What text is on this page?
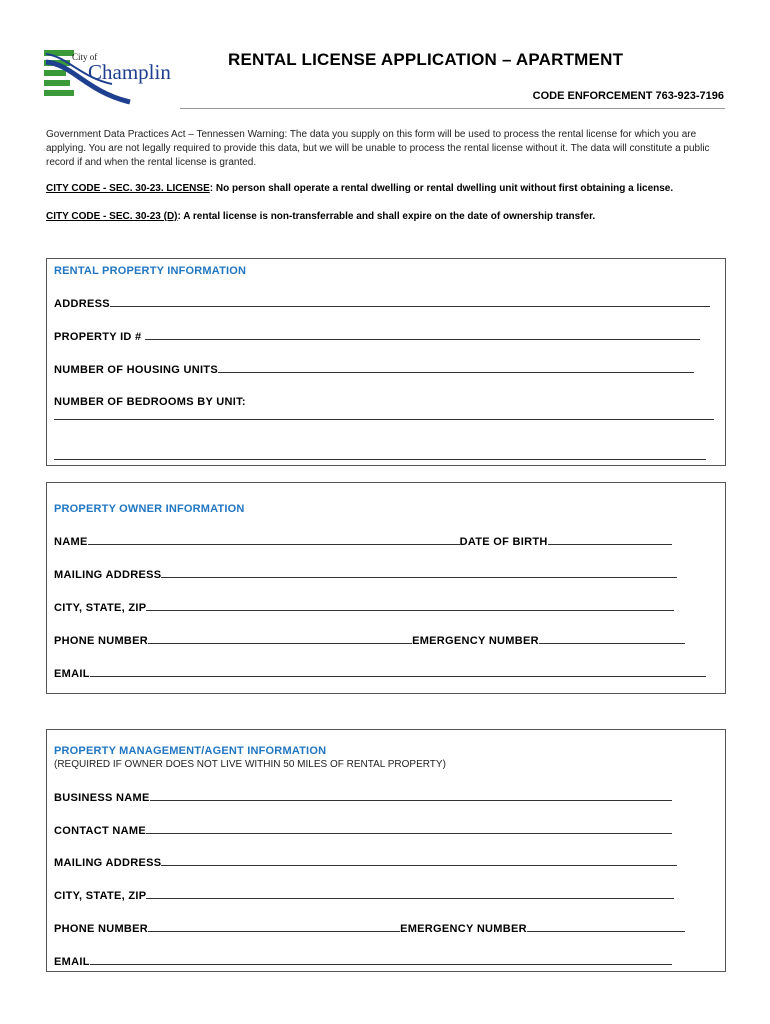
City of
Champlin
RENTAL LICENSE APPLICATION – APARTMENT
CODE ENFORCEMENT 763-923-7196
Government Data Practices Act – Tennessen Warning: The data you supply on this form will be used to process the rental license for which you are applying. You are not legally required to provide this data, but we will be unable to process the rental license without it. The data will constitute a public record if and when the rental license is granted.
CITY CODE - SEC. 30-23. LICENSE: No person shall operate a rental dwelling or rental dwelling unit without first obtaining a license.
CITY CODE - SEC. 30-23 (D): A rental license is non-transferrable and shall expire on the date of ownership transfer.
RENTAL PROPERTY INFORMATION
ADDRESS
PROPERTY ID #
NUMBER OF HOUSING UNITS
NUMBER OF BEDROOMS BY UNIT:
PROPERTY OWNER INFORMATION
NAME	DATE OF BIRTH
MAILING ADDRESS
CITY, STATE, ZIP
PHONE NUMBER	EMERGENCY NUMBER
EMAIL
PROPERTY MANAGEMENT/AGENT INFORMATION
(REQUIRED IF OWNER DOES NOT LIVE WITHIN 50 MILES OF RENTAL PROPERTY)
BUSINESS NAME
CONTACT NAME
MAILING ADDRESS
CITY, STATE, ZIP
PHONE NUMBER	EMERGENCY NUMBER
EMAIL
